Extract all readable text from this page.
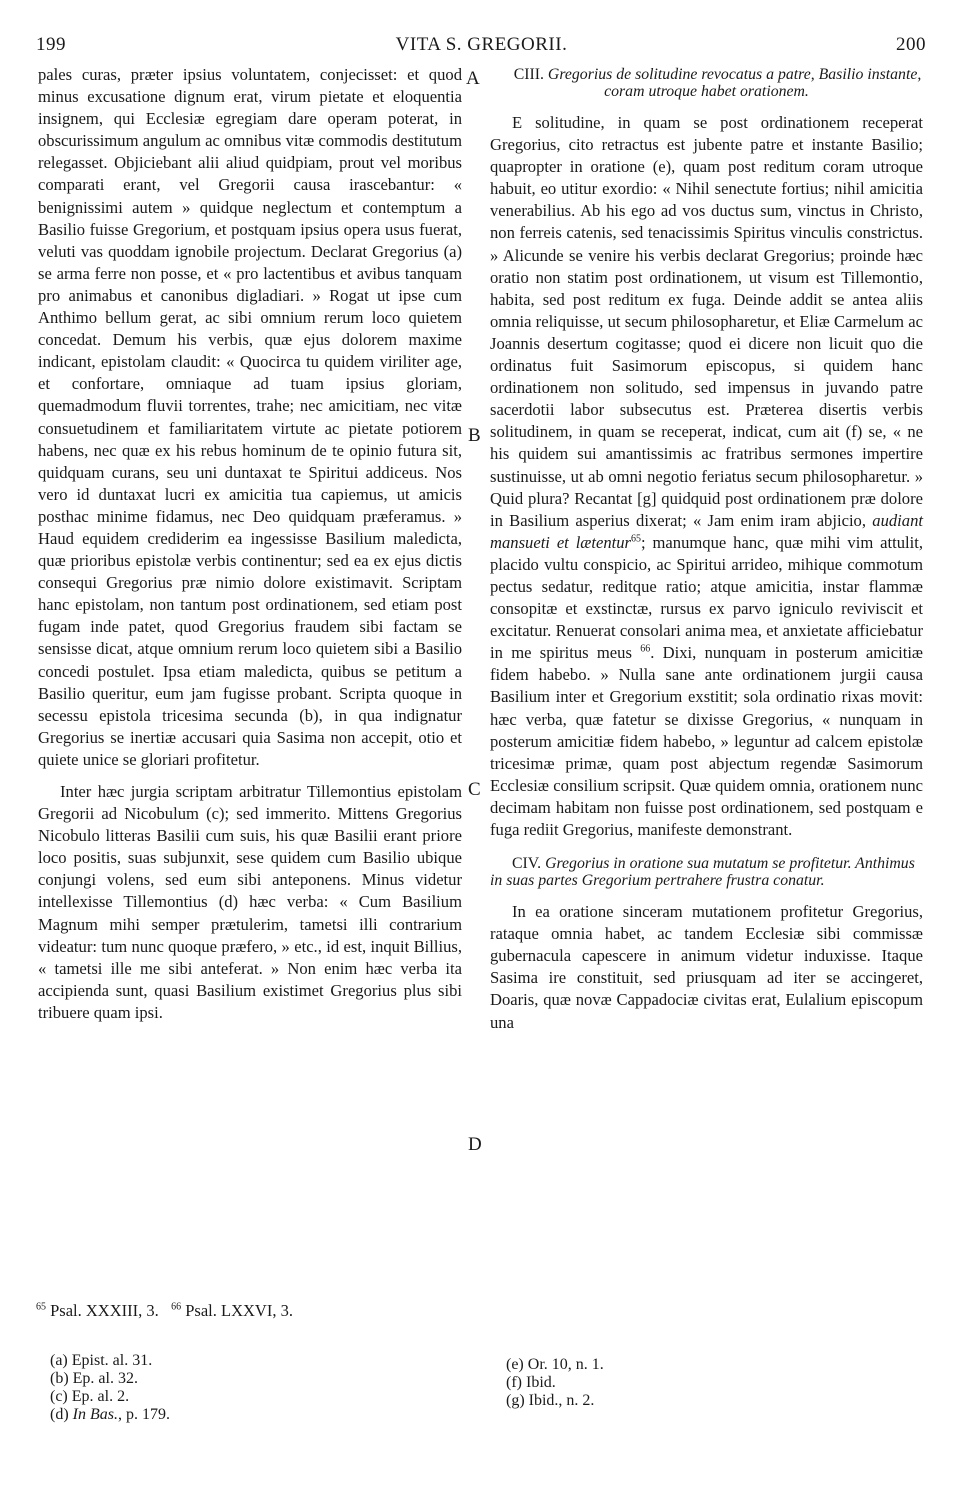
199	VITA S. GREGORII.	200
A
B
C
D

pales curas, præter ipsius voluntatem, conjecisset: et quod minus excusatione dignum erat, virum pietate et eloquentia insignem, qui Ecclesiæ egregiam dare operam poterat, in obscurissimum angulum ac omnibus vitæ commodis destitutum relegasset. Objiciebant alii aliud quidpiam, prout vel moribus comparati erant, vel Gregorii causa irascebantur: « benignissimi autem » quidque neglectum et contemptum a Basilio fuisse Gregorium, et postquam ipsius opera usus fuerat, veluti vas quoddam ignobile projectum. Declarat Gregorius (a) se arma ferre non posse, et « pro lactentibus et avibus tanquam pro animabus et canonibus digladiari. » Rogat ut ipse cum Anthimo bellum gerat, ac sibi omnium rerum loco quietem concedat. Demum his verbis, quæ ejus dolorem maxime indicant, epistolam claudit: « Quocirca tu quidem viriliter age, et confortare, omniaque ad tuam ipsius gloriam, quemadmodum fluvii torrentes, trahe; nec amicitiam, nec vitæ consuetudinem et familiaritatem virtute ac pietate potiorem habens, nec quæ ex his rebus hominum de te opinio futura sit, quidquam curans, seu uni duntaxat te Spiritui addiceus. Nos vero id duntaxat lucri ex amicitia tua capiemus, ut amicis posthac minime fidamus, nec Deo quidquam præferamus. » Haud equidem crediderim ea ingessisse Basilium maledicta, quæ prioribus epistolæ verbis continentur; sed ea ex ejus dictis consequi Gregorius præ nimio dolore existimavit. Scriptam hanc epistolam, non tantum post ordinationem, sed etiam post fugam inde patet, quod Gregorius fraudem sibi factam se sensisse dicat, atque omnium rerum loco quietem sibi a Basilio concedi postulet. Ipsa etiam maledicta, quibus se petitum a Basilio queritur, eum jam fugisse probant. Scripta quoque in secessu epistola tricesima secunda (b), in qua indignatur Gregorius se inertiæ accusari quia Sasima non accepit, otio et quiete unice se gloriari profitetur.

Inter hæc jurgia scriptam arbitratur Tillemontius epistolam Gregorii ad Nicobulum (c); sed immerito. Mittens Gregorius Nicobulo litteras Basilii cum suis, his quæ Basilii erant priore loco positis, suas subjunxit, sese quidem cum Basilio ubique conjungi volens, sed eum sibi anteponens. Minus videtur intellexisse Tillemontius (d) hæc verba: « Cum Basilium Magnum mihi semper prætulerim, tametsi illi contrarium videatur: tum nunc quoque præfero, » etc., id est, inquit Billius, « tametsi ille me sibi anteferat. » Non enim hæc verba ita accipienda sunt, quasi Basilium existimet Gregorius plus sibi tribuere quam ipsi.

CIII. Gregorius de solitudine revocatus a patre, Basilio instante, coram utroque habet orationem.

E solitudine, in quam se post ordinationem receperat Gregorius, cito retractus est jubente patre et instante Basilio; quapropter in oratione (e), quam post reditum coram utroque habuit, eo utitur exordio: « Nihil senectute fortius; nihil amicitia venerabilius. Ab his ego ad vos ductus sum, vinctus in Christo, non ferreis catenis, sed tenacissimis Spiritus vinculis constrictus. » Alicunde se venire his verbis declarat Gregorius; proinde hæc oratio non statim post ordinationem, ut visum est Tillemontio, habita, sed post reditum ex fuga. Deinde addit se antea aliis omnia reliquisse, ut secum philosopharetur, et Eliæ Carmelum ac Joannis desertum cogitasse; quod ei dicere non licuit quo die ordinatus fuit Sasimorum episcopus, si quidem hanc ordinationem non solitudo, sed impensus in juvando patre sacerdotii labor subsecutus est. Præterea disertis verbis solitudinem, in quam se receperat, indicat, cum ait (f) se, « ne his quidem sui amantissimis ac fratribus sermones impertire sustinuisse, ut ab omni negotio feriatus secum philosopharetur. » Quid plura? Recantat [g] quidquid post ordinationem præ dolore in Basilium asperius dixerat; « Jam enim iram abjicio, audiant mansueti et lætentur$^{65}$; manumque hanc, quæ mihi vim attulit, placido vultu conspicio, ac Spiritui arrideo, mihique commotum pectus sedatur, reditque ratio; atque amicitia, instar flammæ consopitæ et exstinctæ, rursus ex parvo igniculo reviviscit et excitatur. Renuerat consolari anima mea, et anxietate afficiebatur in me spiritus meus $^{66}$. Dixi, nunquam in posterum amicitiæ fidem habebo. » Nulla sane ante ordinationem jurgii causa Basilium inter et Gregorium exstitit; sola ordinatio rixas movit: hæc verba, quæ fatetur se dixisse Gregorius, « nunquam in posterum amicitiæ fidem habebo, » leguntur ad calcem epistolæ tricesimæ primæ, quam post abjectum regendæ Sasimorum Ecclesiæ consilium scripsit. Quæ quidem omnia, orationem nunc decimam habitam non fuisse post ordinationem, sed postquam e fuga rediit Gregorius, manifeste demonstrant.

CIV. Gregorius in oratione sua mutatum se profitetur. Anthimus in suas partes Gregorium pertrahere frustra conatur.

In ea oratione sinceram mutationem profitetur Gregorius, rataque omnia habet, ac tandem Ecclesiæ sibi commissæ gubernacula capescere in animum videtur induxisse. Itaque Sasima ire constituit, sed priusquam ad iter se accingeret, Doaris, quæ novæ Cappadociæ civitas erat, Eulalium episcopum una

$^{65}$ Psal. XXXIII, 3. $^{66}$ Psal. LXXVI, 3.
(a) Epist. al. 31.
(b) Ep. al. 32.
(c) Ep. al. 2.
(d) In Bas., p. 179.
(e) Or. 10, n. 1.
(f) Ibid.
(g) Ibid., n. 2.
